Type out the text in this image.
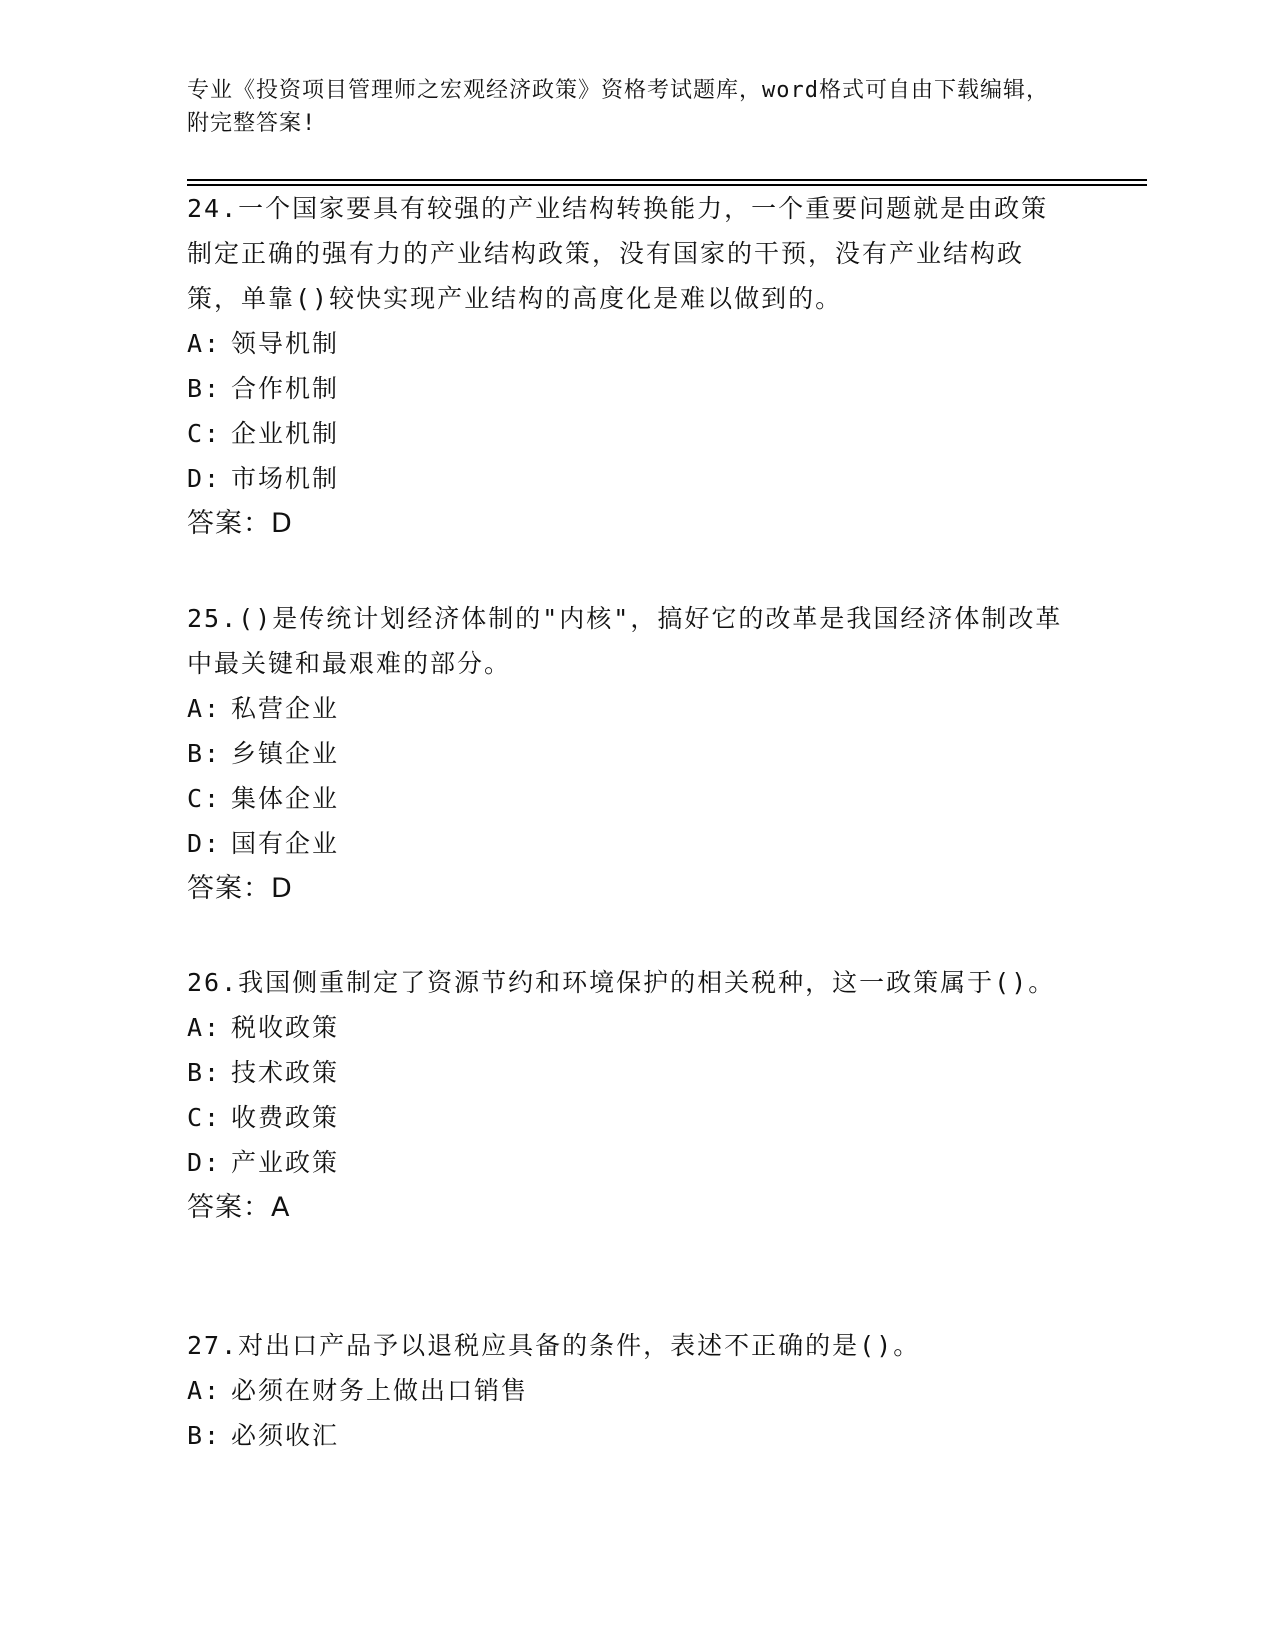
专业《投资项目管理师之宏观经济政策》资格考试题库，word格式可自由下载编辑，附完整答案!
24.一个国家要具有较强的产业结构转换能力，一个重要问题就是由政策制定正确的强有力的产业结构政策，没有国家的干预，没有产业结构政策，单靠()较快实现产业结构的高度化是难以做到的。
A: 领导机制
B: 合作机制
C: 企业机制
D: 市场机制
答案：D
25.()是传统计划经济体制的"内核"，搞好它的改革是我国经济体制改革中最关键和最艰难的部分。
A: 私营企业
B: 乡镇企业
C: 集体企业
D: 国有企业
答案：D
26.我国侧重制定了资源节约和环境保护的相关税种，这一政策属于()。
A: 税收政策
B: 技术政策
C: 收费政策
D: 产业政策
答案：A
27.对出口产品予以退税应具备的条件，表述不正确的是()。
A: 必须在财务上做出口销售
B: 必须收汇
